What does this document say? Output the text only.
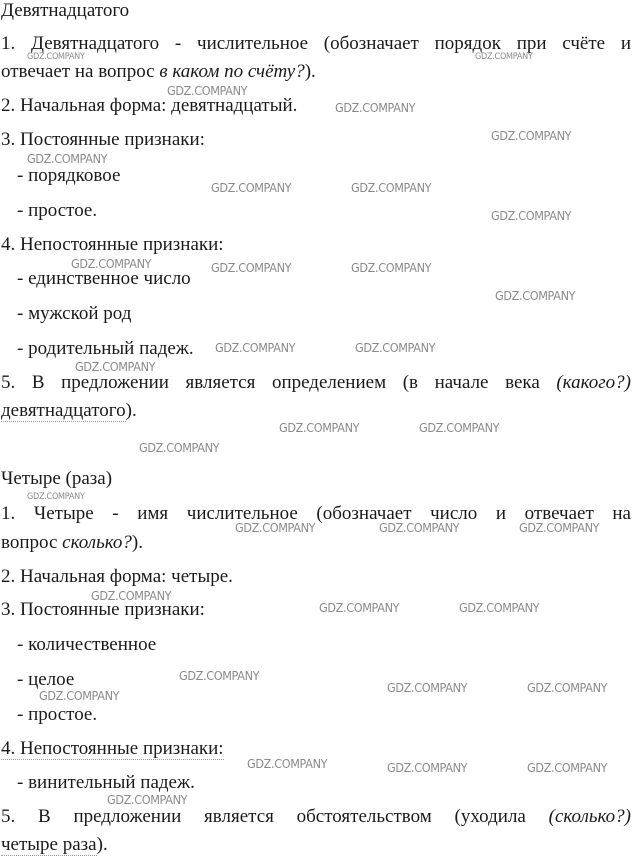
Девятнадцатого
1. Девятнадцатого - числительное (обозначает порядок при счёте и
отвечает на вопрос в каком по счёту?).
2. Начальная форма: девятнадцатый.
3. Постоянные признаки:
- порядковое
- простое.
4. Непостоянные признаки:
- единственное число
- мужской род
- родительный падеж.
5. В предложении является определением (в начале века (какого?)
девятнадцатого).
Четыре (раза)
1. Четыре - имя числительное (обозначает число и отвечает на
вопрос сколько?).
2. Начальная форма: четыре.
3. Постоянные признаки:
- количественное
- целое
- простое.
4. Непостоянные признаки:
- винительный падеж.
5. В предложении является обстоятельством (уходила (сколько?)
четыре раза).
GDZ.COMPANY	GDZ.COMPANY
GDZ.COMPANY
GDZ.COMPANY
GDZ.COMPANY
GDZ.COMPANY
GDZ.COMPANY	GDZ.COMPANY
GDZ.COMPANY
GDZ.COMPANY	GDZ.COMPANY	GDZ.COMPANY
GDZ.COMPANY
GDZ.COMPANY	GDZ.COMPANY
GDZ.COMPANY
GDZ.COMPANY	GDZ.COMPANY
GDZ.COMPANY
GDZ.COMPANY
GDZ.COMPANY	GDZ.COMPANY	GDZ.COMPANY
GDZ.COMPANY
GDZ.COMPANY	GDZ.COMPANY
GDZ.COMPANY
GDZ.COMPANY	GDZ.COMPANY
GDZ.COMPANY
GDZ.COMPANY	GDZ.COMPANY	GDZ.COMPANY
GDZ.COMPANY
